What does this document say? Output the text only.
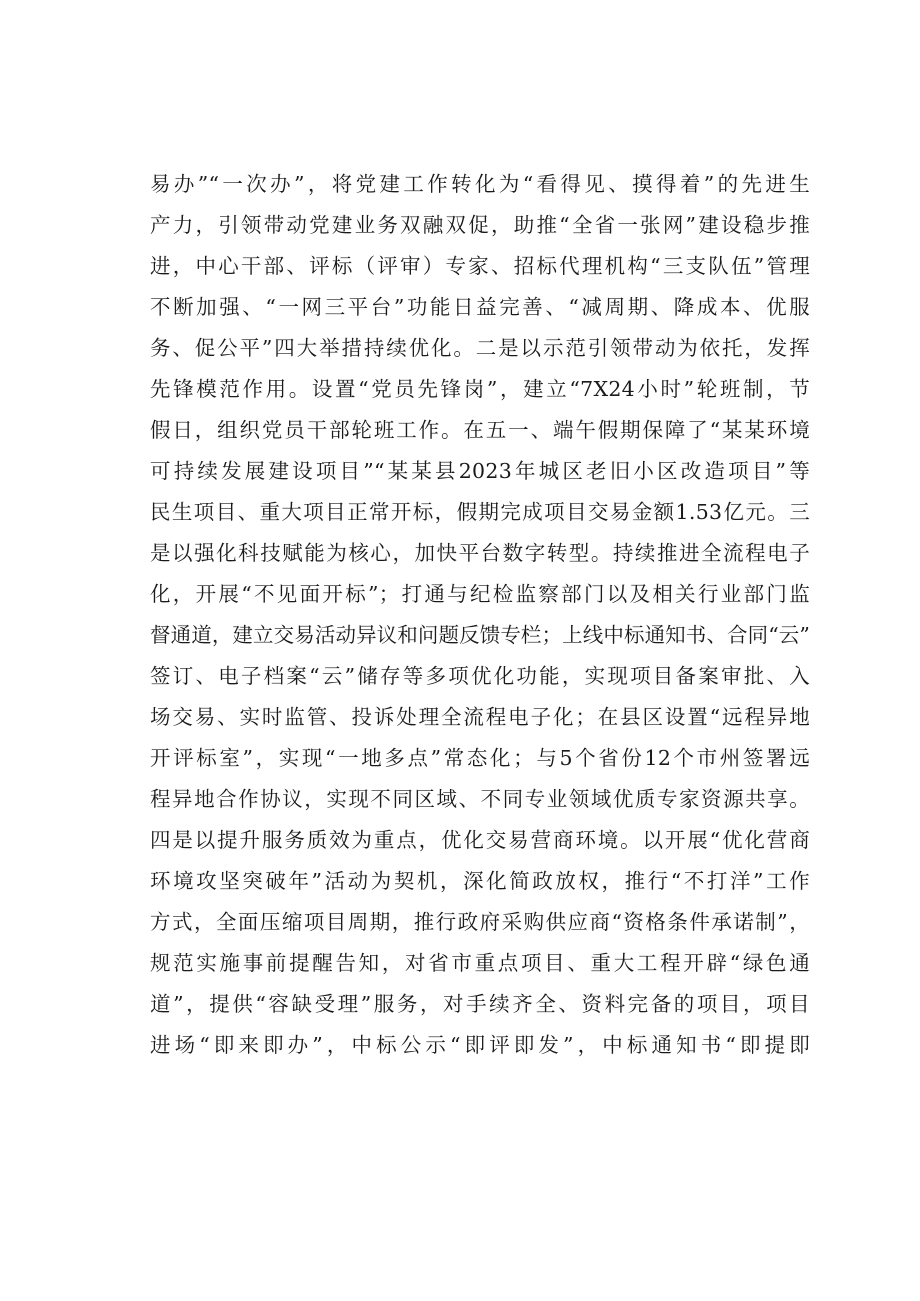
易办”“一次办”，将党建工作转化为“看得见、摸得着”的先进生
产力，引领带动党建业务双融双促，助推“全省一张网”建设稳步推
进，中心干部、评标（评审）专家、招标代理机构“三支队伍”管理
不断加强、“一网三平台”功能日益完善、“减周期、降成本、优服
务、促公平”四大举措持续优化。二是以示范引领带动为依托，发挥
先锋模范作用。设置“党员先锋岗”，建立“7X24小时”轮班制，节
假日，组织党员干部轮班工作。在五一、端午假期保障了“某某环境
可持续发展建设项目”“某某县2023年城区老旧小区改造项目”等
民生项目、重大项目正常开标，假期完成项目交易金额1.53亿元。三
是以强化科技赋能为核心，加快平台数字转型。持续推进全流程电子
化，开展“不见面开标”；打通与纪检监察部门以及相关行业部门监
督通道，建立交易活动异议和问题反馈专栏；上线中标通知书、合同“云”
签订、电子档案“云”储存等多项优化功能，实现项目备案审批、入
场交易、实时监管、投诉处理全流程电子化；在县区设置“远程异地
开评标室”，实现“一地多点”常态化；与5个省份12个市州签署远
程异地合作协议，实现不同区域、不同专业领域优质专家资源共享。
四是以提升服务质效为重点，优化交易营商环境。以开展“优化营商
环境攻坚突破年”活动为契机，深化简政放权，推行“不打洋”工作
方式，全面压缩项目周期，推行政府采购供应商“资格条件承诺制”，
规范实施事前提醒告知，对省市重点项目、重大工程开辟“绿色通
道”，提供“容缺受理”服务，对手续齐全、资料完备的项目，项目
进场“即来即办”，中标公示“即评即发”，中标通知书“即提即
